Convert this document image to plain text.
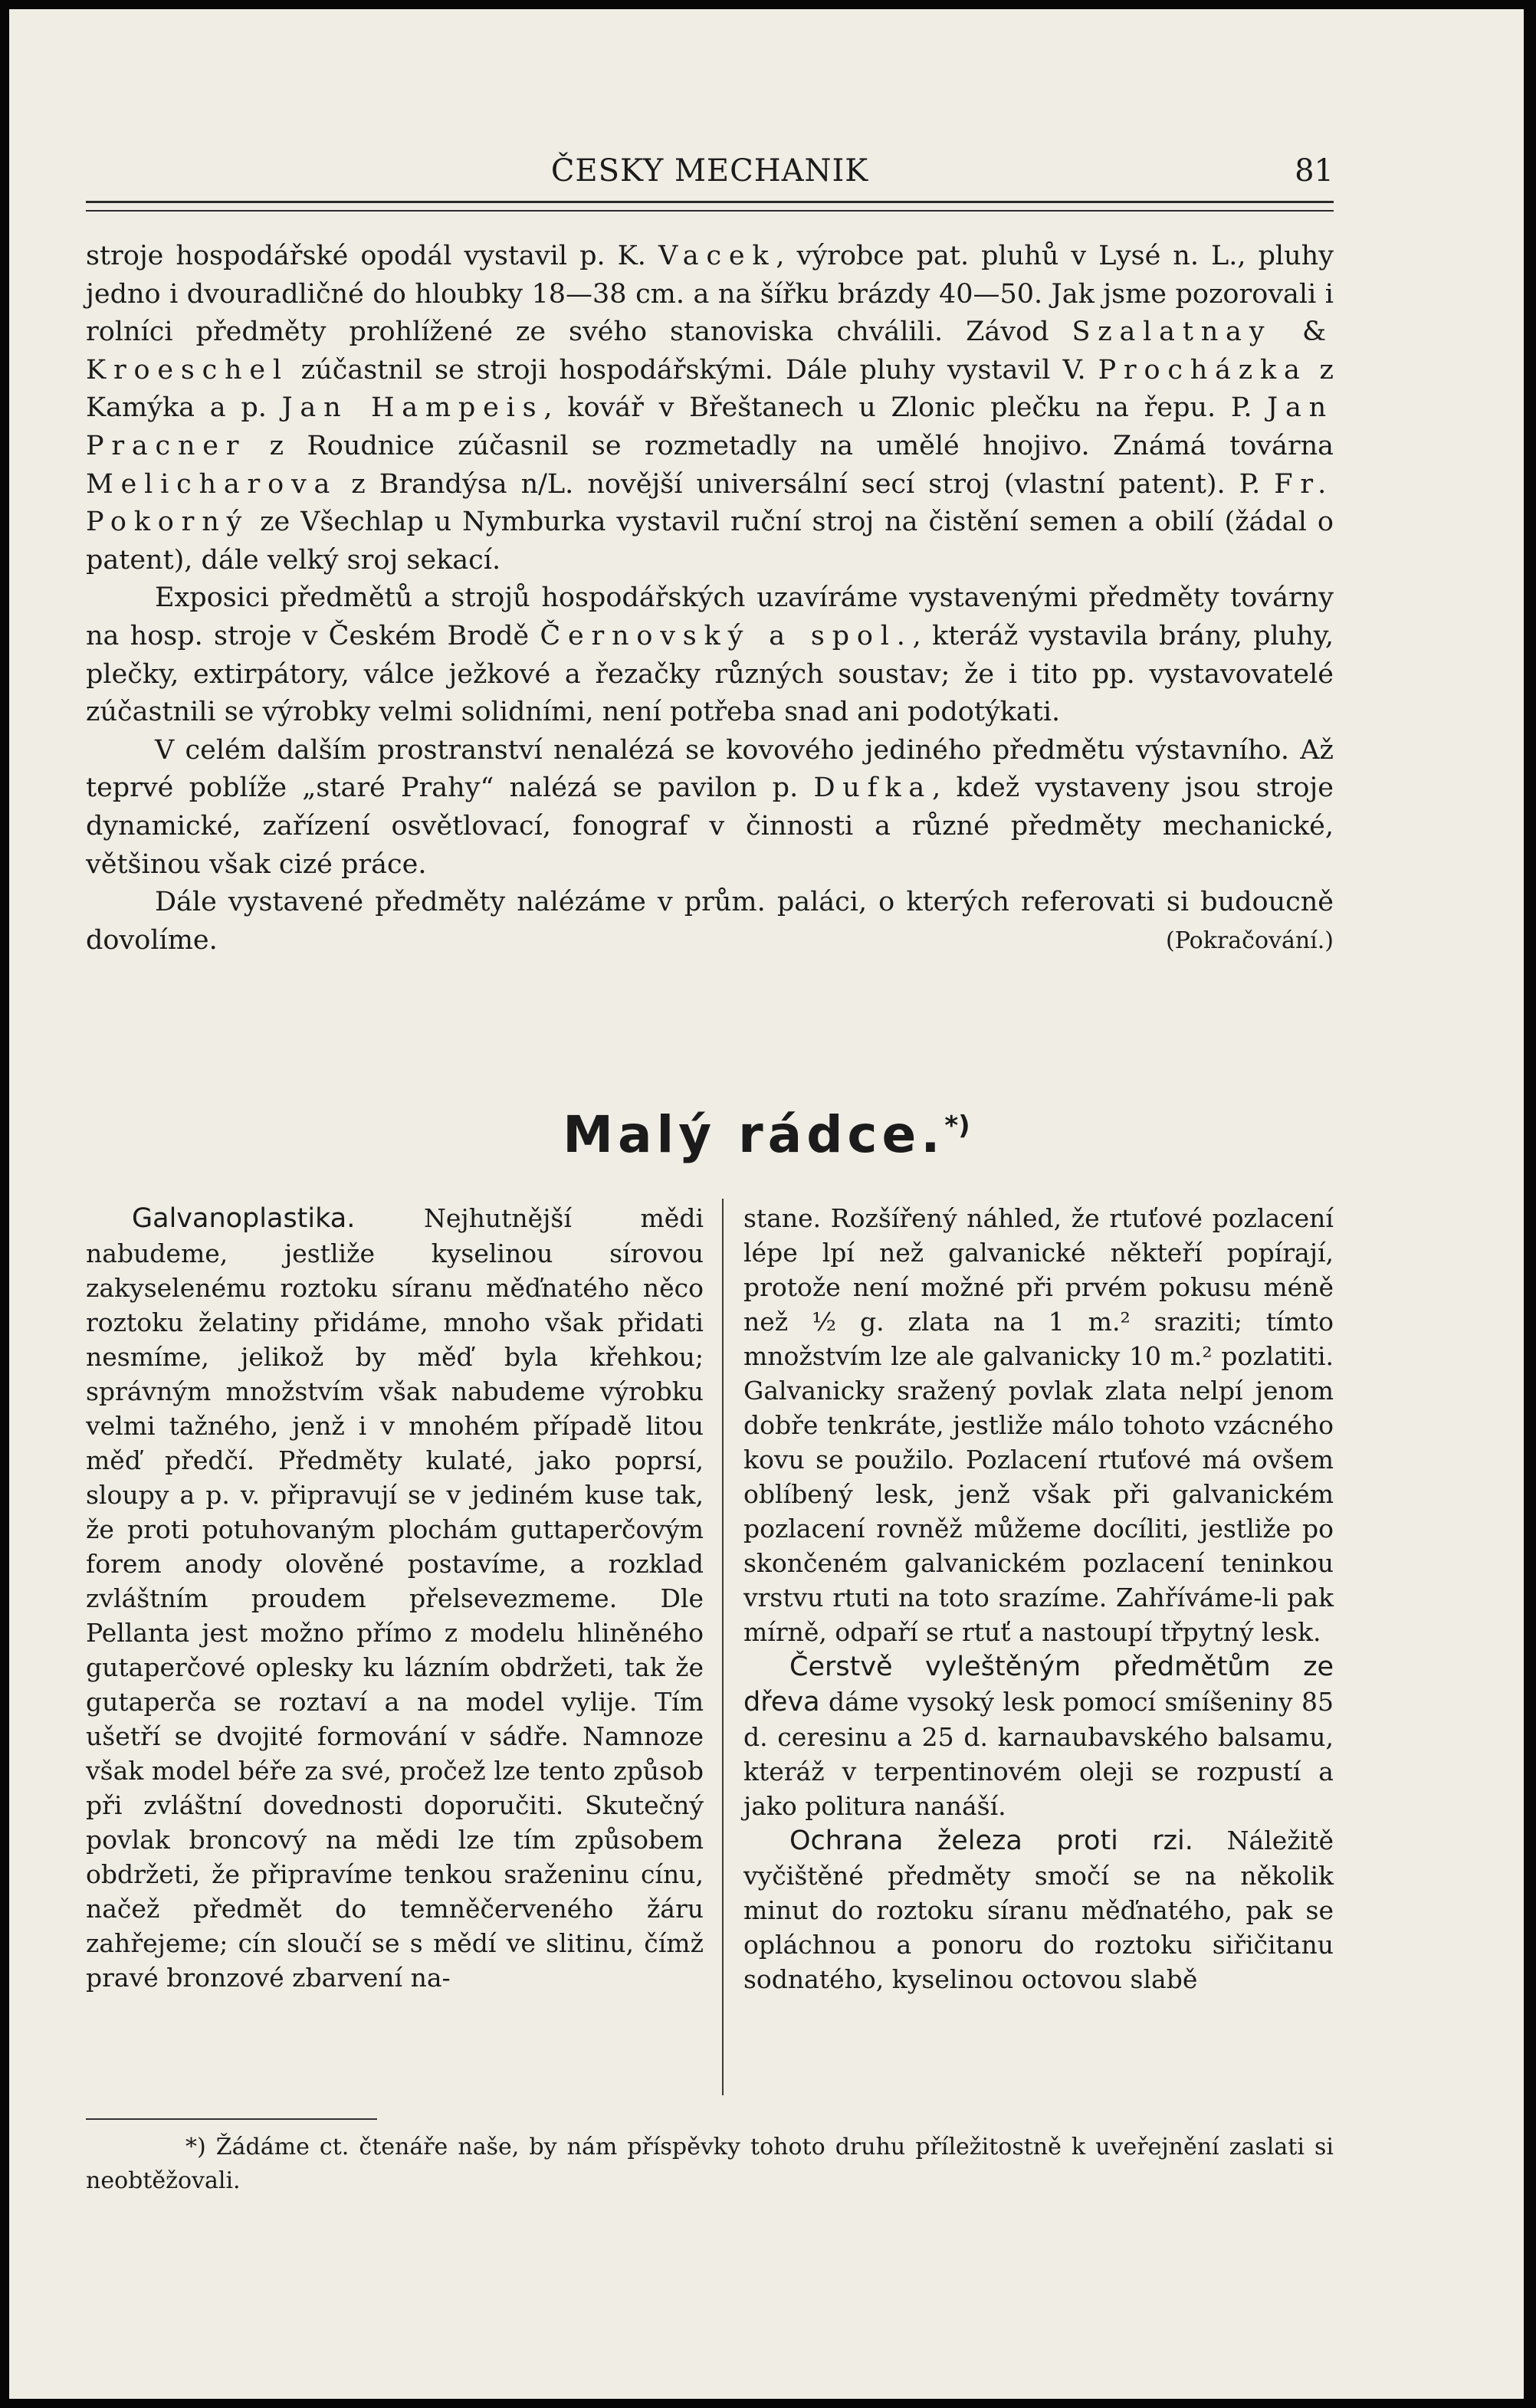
ČESKY MECHANIK	81

stroje hospodářské opodál vystavil p. K. Vacek, výrobce pat. pluhů v Lysé n. L., pluhy jedno i dvouradličné do hloubky 18—38 cm. a na šířku brázdy 40—50. Jak jsme pozorovali i rolníci předměty prohlížené ze svého stanoviska chválili. Závod Szalatnay & Kroeschel zúčastnil se stroji hospodářskými. Dále pluhy vystavil V. Procházka z Kamýka a p. Jan Hampeis, kovář v Břeštanech u Zlonic plečku na řepu. P. Jan Pracner z Roudnice zúčasnil se rozmetadly na umělé hnojivo. Známá továrna Melicharova z Brandýsa n/L. novější universální secí stroj (vlastní patent). P. Fr. Pokorný ze Všechlap u Nymburka vystavil ruční stroj na čistění semen a obilí (žádal o patent), dále velký sroj sekací.

Exposici předmětů a strojů hospodářských uzavíráme vystavenými předměty továrny na hosp. stroje v Českém Brodě Černovský a spol., kteráž vystavila brány, pluhy, plečky, extirpátory, válce ježkové a řezačky různých soustav; že i tito pp. vystavovatelé zúčastnili se výrobky velmi solidními, není potřeba snad ani podotýkati.

V celém dalším prostranství nenalézá se kovového jediného předmětu výstavního. Až teprvé poblíže „staré Prahy“ nalézá se pavilon p. Dufka, kdež vystaveny jsou stroje dynamické, zařízení osvětlovací, fonograf v činnosti a různé předměty mechanické, většinou však cizé práce.

Dále vystavené předměty nalézáme v prům. paláci, o kterých referovati si budoucně dovolíme.	(Pokračování.)

Malý rádce.*)

Galvanoplastika. Nejhutnější mědi nabudeme, jestliže kyselinou sírovou zakyselenému roztoku síranu měďnatého něco roztoku želatiny přidáme, mnoho však přidati nesmíme, jelikož by měď byla křehkou; správným množstvím však nabudeme výrobku velmi tažného, jenž i v mnohém případě litou měď předčí. Předměty kulaté, jako poprsí, sloupy a p. v. připravují se v jediném kuse tak, že proti potuhovaným plochám guttaperčovým forem anody olověné postavíme, a rozklad zvláštním proudem přelsevezmeme. Dle Pellanta jest možno přímo z modelu hliněného gutaperčové oplesky ku lázním obdržeti, tak že gutaperča se roztaví a na model vylije. Tím ušetří se dvojité formování v sádře. Namnoze však model béře za své, pročež lze tento způsob při zvláštní dovednosti doporučiti. Skutečný povlak broncový na mědi lze tím způsobem obdržeti, že připravíme tenkou sraženinu cínu, načež předmět do temněčerveného žáru zahřejeme; cín sloučí se s mědí ve slitinu, čímž pravé bronzové zbarvení na-

stane. Rozšířený náhled, že rtuťové pozlacení lépe lpí než galvanické někteří popírají, protože není možné při prvém pokusu méně než ½ g. zlata na 1 m.² sraziti; tímto množstvím lze ale galvanicky 10 m.² pozlatiti. Galvanicky sražený povlak zlata nelpí jenom dobře tenkráte, jestliže málo tohoto vzácného kovu se použilo. Pozlacení rtuťové má ovšem oblíbený lesk, jenž však při galvanickém pozlacení rovněž můžeme docíliti, jestliže po skončeném galvanickém pozlacení teninkou vrstvu rtuti na toto srazíme. Zahříváme-li pak mírně, odpaří se rtuť a nastoupí třpytný lesk.

Čerstvě vyleštěným předmětům ze dřeva dáme vysoký lesk pomocí smíšeniny 85 d. ceresinu a 25 d. karnaubavského balsamu, kteráž v terpentinovém oleji se rozpustí a jako politura nanáší.

Ochrana železa proti rzi. Náležitě vyčištěné předměty smočí se na několik minut do roztoku síranu měďnatého, pak se opláchnou a ponoru do roztoku siřičitanu sodnatého, kyselinou octovou slabě

*) Žádáme ct. čtenáře naše, by nám příspěvky tohoto druhu příležitostně k uveřejnění zaslati si neobtěžovali.
